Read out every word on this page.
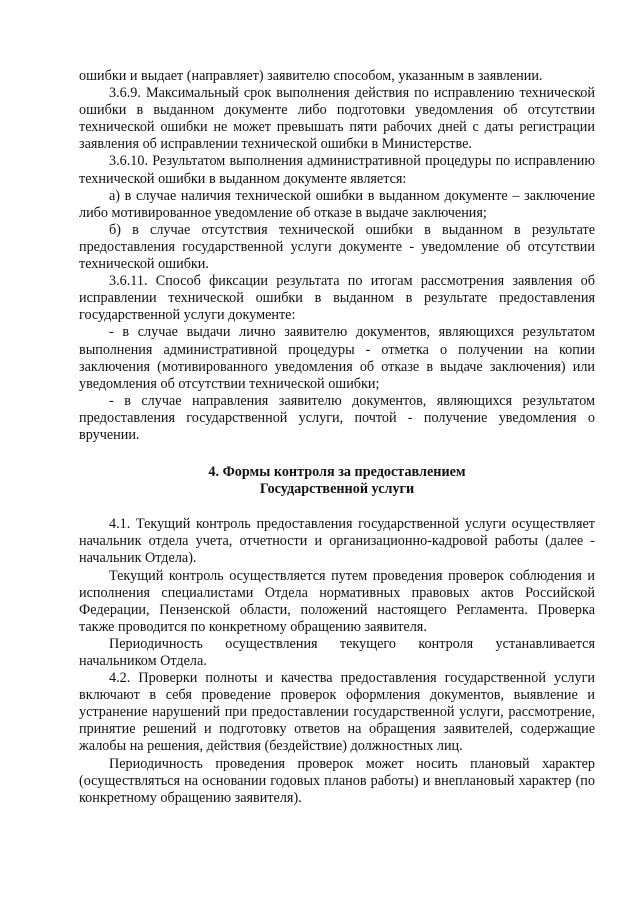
ошибки и выдает (направляет) заявителю способом, указанным в заявлении.

3.6.9. Максимальный срок выполнения действия по исправлению технической ошибки в выданном документе либо подготовки уведомления об отсутствии технической ошибки не может превышать пяти рабочих дней с даты регистрации заявления об исправлении технической ошибки в Министерстве.

3.6.10. Результатом выполнения административной процедуры по исправлению технической ошибки в выданном документе является:

а) в случае наличия технической ошибки в выданном документе – заключение либо мотивированное уведомление об отказе в выдаче заключения;

б) в случае отсутствия технической ошибки в выданном в результате предоставления государственной услуги документе - уведомление об отсутствии технической ошибки.

3.6.11. Способ фиксации результата по итогам рассмотрения заявления об исправлении технической ошибки в выданном в результате предоставления государственной услуги документе:

- в случае выдачи лично заявителю документов, являющихся результатом выполнения административной процедуры - отметка о получении на копии заключения (мотивированного уведомления об отказе в выдаче заключения) или уведомления об отсутствии технической ошибки;

- в случае направления заявителю документов, являющихся результатом предоставления государственной услуги, почтой - получение уведомления о вручении.

4. Формы контроля за предоставлением
Государственной услуги

4.1. Текущий контроль предоставления государственной услуги осуществляет начальник отдела учета, отчетности и организационно-кадровой работы (далее - начальник Отдела).

Текущий контроль осуществляется путем проведения проверок соблюдения и исполнения специалистами Отдела нормативных правовых актов Российской Федерации, Пензенской области, положений настоящего Регламента. Проверка также проводится по конкретному обращению заявителя.

Периодичность осуществления текущего контроля устанавливается начальником Отдела.

4.2. Проверки полноты и качества предоставления государственной услуги включают в себя проведение проверок оформления документов, выявление и устранение нарушений при предоставлении государственной услуги, рассмотрение, принятие решений и подготовку ответов на обращения заявителей, содержащие жалобы на решения, действия (бездействие) должностных лиц.

Периодичность проведения проверок может носить плановый характер (осуществляться на основании годовых планов работы) и внеплановый характер (по конкретному обращению заявителя).
